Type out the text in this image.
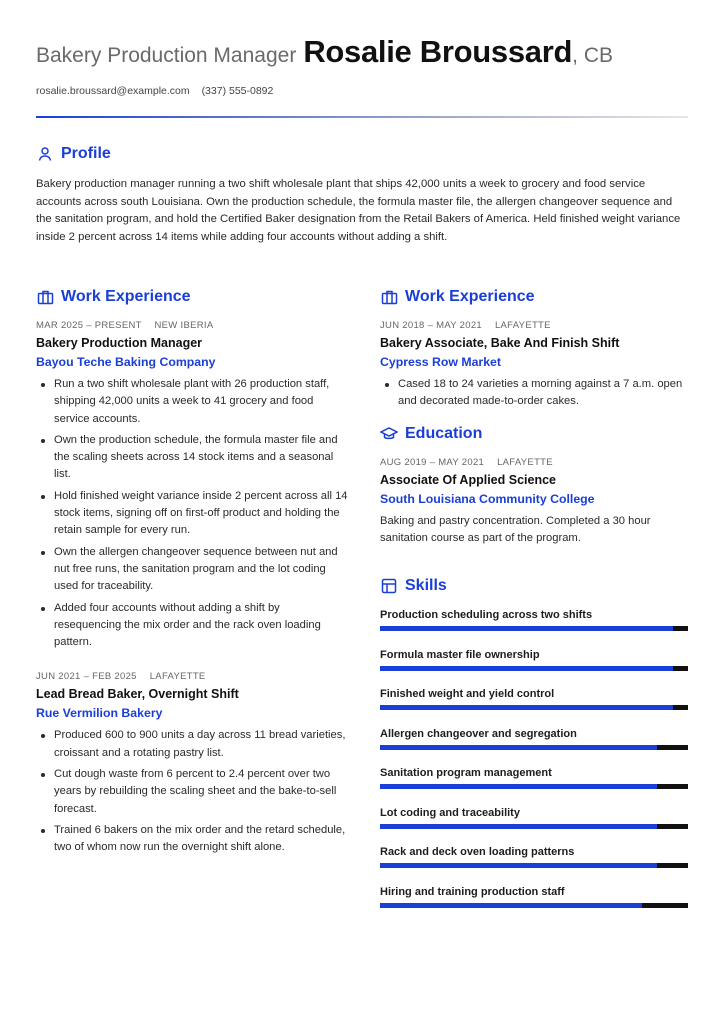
Bakery Production Manager Rosalie Broussard , CB
rosalie.broussard@example.com (337) 555-0892
Profile

Bakery production manager running a two shift wholesale plant that ships 42,000 units a week to grocery and food service accounts across south Louisiana. Own the production schedule, the formula master file, the allergen changeover sequence and the sanitation program, and hold the Certified Baker designation from the Retail Bakers of America. Held finished weight variance inside 2 percent across 14 items while adding four accounts without adding a shift.

Work Experience
MAR 2025 – PRESENT NEW IBERIA
Bakery Production Manager
Bayou Teche Baking Company
Run a two shift wholesale plant with 26 production staff, shipping 42,000 units a week to 41 grocery and food service accounts.
Own the production schedule, the formula master file and the scaling sheets across 14 stock items and a seasonal list.
Hold finished weight variance inside 2 percent across all 14 stock items, signing off on first-off product and holding the retain sample for every run.
Own the allergen changeover sequence between nut and nut free runs, the sanitation program and the lot coding used for traceability.
Added four accounts without adding a shift by resequencing the mix order and the rack oven loading pattern.
JUN 2021 – FEB 2025 LAFAYETTE
Lead Bread Baker, Overnight Shift
Rue Vermilion Bakery
Produced 600 to 900 units a day across 11 bread varieties, croissant and a rotating pastry list.
Cut dough waste from 6 percent to 2.4 percent over two years by rebuilding the scaling sheet and the bake-to-sell forecast.
Trained 6 bakers on the mix order and the retard schedule, two of whom now run the overnight shift alone.
Work Experience
JUN 2018 – MAY 2021 LAFAYETTE
Bakery Associate, Bake And Finish Shift
Cypress Row Market
Cased 18 to 24 varieties a morning against a 7 a.m. open and decorated made-to-order cakes.
Education
AUG 2019 – MAY 2021 LAFAYETTE
Associate Of Applied Science
South Louisiana Community College
Baking and pastry concentration. Completed a 30 hour sanitation course as part of the program.
Skills
Production scheduling across two shifts
Formula master file ownership
Finished weight and yield control
Allergen changeover and segregation
Sanitation program management
Lot coding and traceability
Rack and deck oven loading patterns
Hiring and training production staff
